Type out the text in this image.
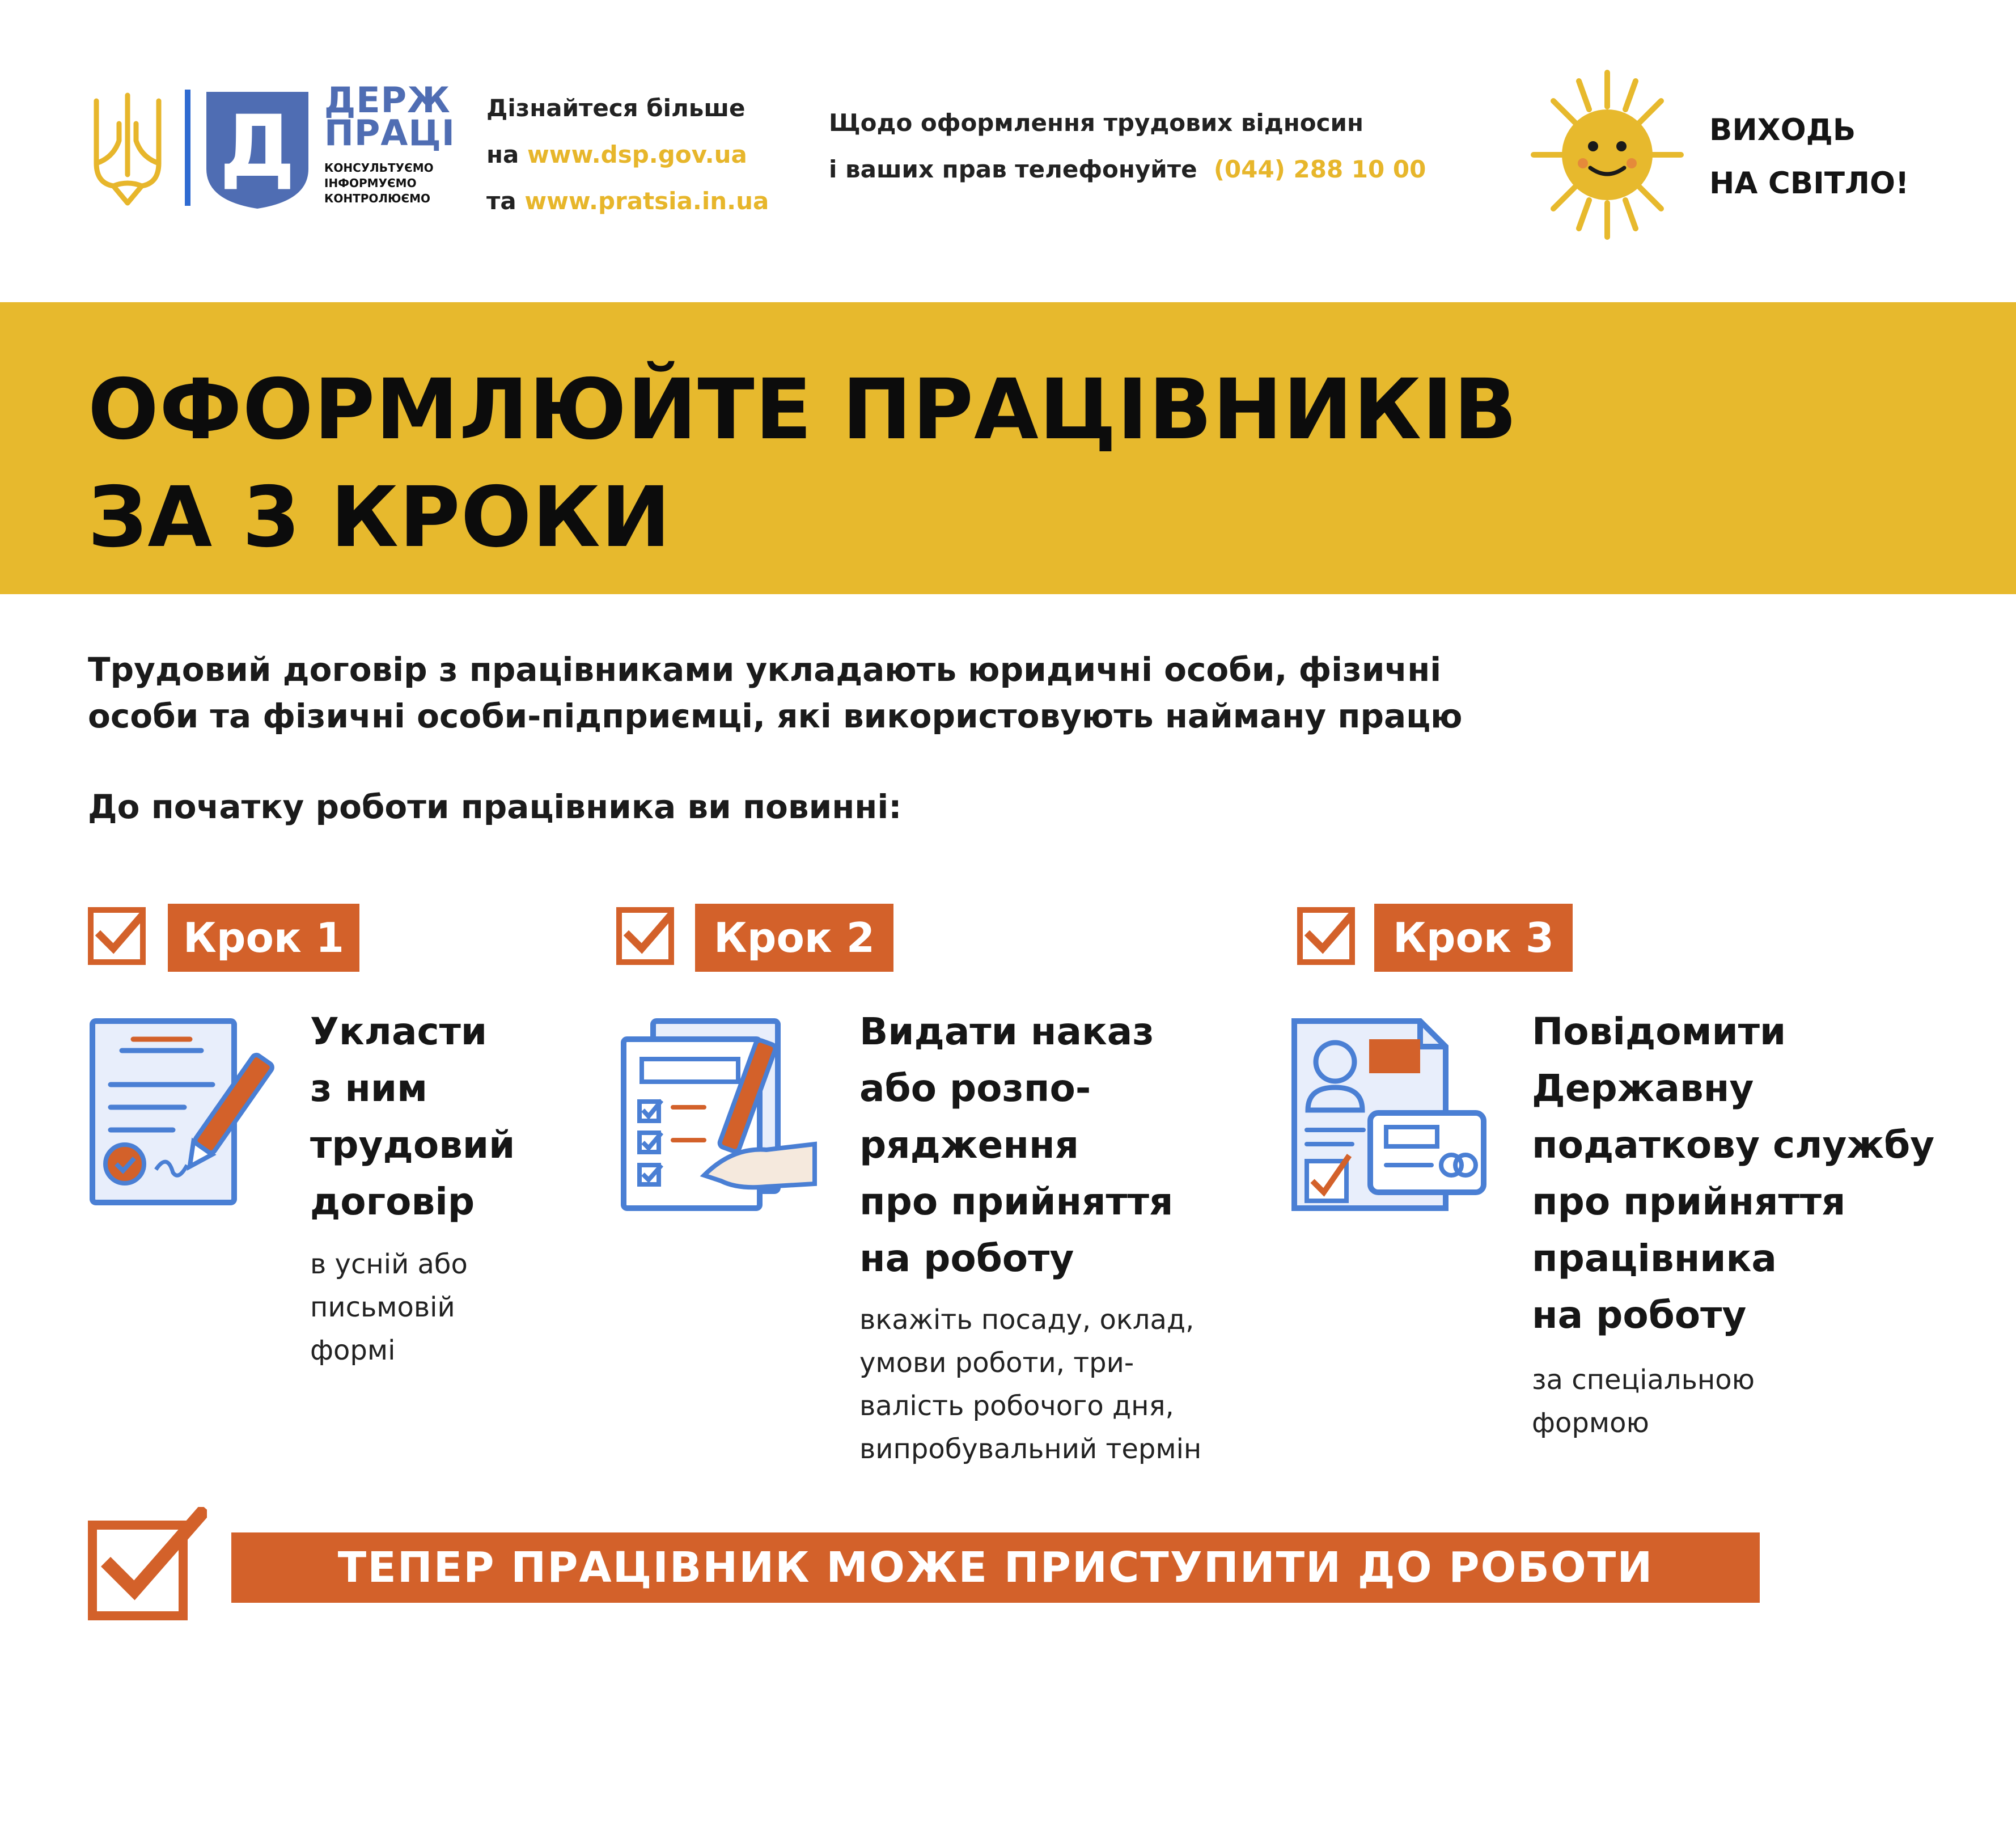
Д ДЕРЖ
ПРАЦІ
КОНСУЛЬТУЄМО
ІНФОРМУЄМО
КОНТРОЛЮЄМО
Дізнайтеся більше
на www.dsp.gov.ua
та www.pratsia.in.ua
Щодо оформлення трудових відносин
і ваших прав телефонуйте (044) 288 10 00
ВИХОДЬ
НА СВІТЛО!
ОФОРМЛЮЙТЕ ПРАЦІВНИКІВ
ЗА 3 КРОКИ
Трудовий договір з працівниками укладають юридичні особи, фізичні
особи та фізичні особи-підприємці, які використовують найману працю
До початку роботи працівника ви повинні:
Крок 1
Укласти
з ним
трудовий
договір
в усній або
письмовій
формі
Крок 2
Видати наказ
або розпо-
рядження
про прийняття
на роботу
вкажіть посаду, оклад,
умови роботи, три-
валість робочого дня,
випробувальний термін
Крок 3
Повідомити
Державну
податкову службу
про прийняття
працівника
на роботу
за спеціальною
формою
ТЕПЕР ПРАЦІВНИК МОЖЕ ПРИСТУПИТИ ДО РОБОТИ
